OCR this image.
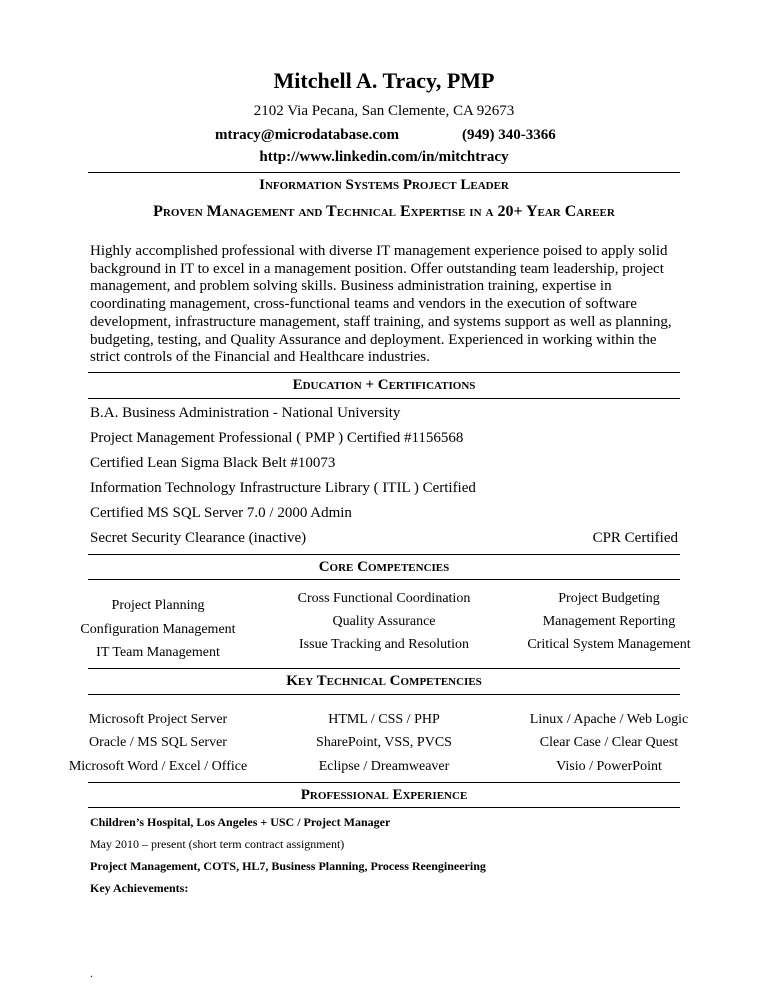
Mitchell A. Tracy, PMP
2102 Via Pecana, San Clemente, CA 92673
mtracy@microdatabase.com	(949) 340-3366
http://www.linkedin.com/in/mitchtracy
Information Systems Project Leader
Proven Management and Technical Expertise in a 20+ Year Career
Highly accomplished professional with diverse IT management experience poised to apply solid
background in IT to excel in a management position. Offer outstanding team leadership, project
management, and problem solving skills. Business administration training, expertise in
coordinating management, cross-functional teams and vendors in the execution of software
development, infrastructure management, staff training, and systems support as well as planning,
budgeting, testing, and Quality Assurance and deployment. Experienced in working within the
strict controls of the Financial and Healthcare industries.
Education + Certifications
B.A. Business Administration - National University
Project Management Professional ( PMP ) Certified #1156568
Certified Lean Sigma Black Belt #10073
Information Technology Infrastructure Library ( ITIL ) Certified
Certified MS SQL Server 7.0 / 2000 Admin
Secret Security Clearance (inactive)	CPR Certified
Core Competencies
Project Planning
Configuration Management
IT Team Management
Cross Functional Coordination
Quality Assurance
Issue Tracking and Resolution
Project Budgeting
Management Reporting
Critical System Management
Key Technical Competencies
Microsoft Project Server
Oracle / MS SQL Server
Microsoft Word / Excel / Office
HTML / CSS / PHP
SharePoint, VSS, PVCS
Eclipse / Dreamweaver
Linux / Apache / Web Logic
Clear Case / Clear Quest
Visio / PowerPoint
Professional Experience
Children’s Hospital, Los Angeles + USC / Project Manager
May 2010 – present (short term contract assignment)
Project Management, COTS, HL7, Business Planning, Process Reengineering
Key Achievements:
.
